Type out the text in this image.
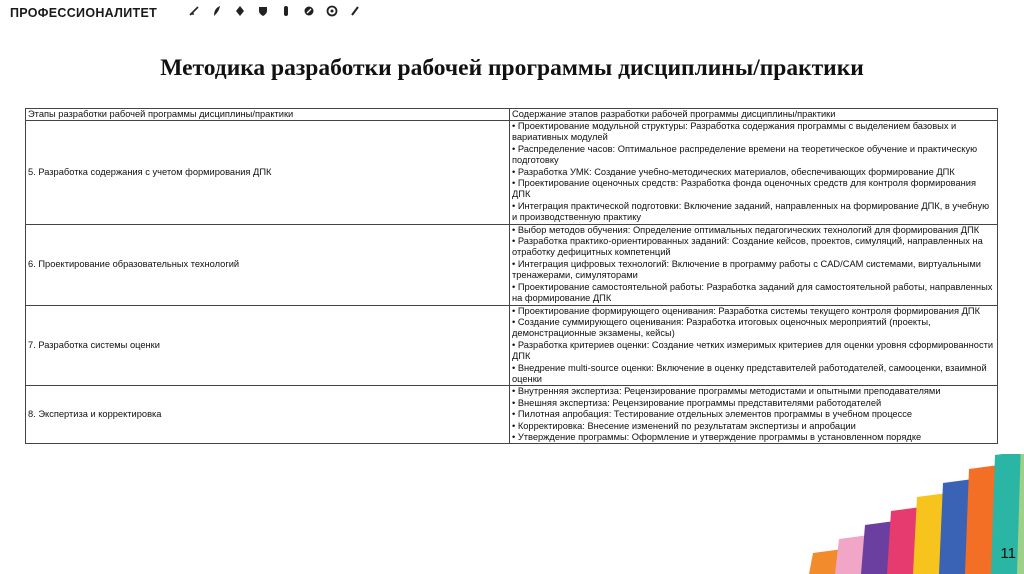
ПРОФЕССИОНАЛИТЕТ
Методика разработки рабочей программы дисциплины/практики
Этапы разработки рабочей программы дисциплины/практики	Содержание этапов разработки рабочей программы дисциплины/практики
5. Разработка содержания с учетом формирования ДПК	• Проектирование модульной структуры: Разработка содержания программы с выделением базовых и вариативных модулей
• Распределение часов: Оптимальное распределение времени на теоретическое обучение и практическую подготовку
• Разработка УМК: Создание учебно-методических материалов, обеспечивающих формирование ДПК
• Проектирование оценочных средств: Разработка фонда оценочных средств для контроля формирования ДПК
• Интеграция практической подготовки: Включение заданий, направленных на формирование ДПК, в учебную и производственную практику

6. Проектирование образовательных технологий	• Выбор методов обучения: Определение оптимальных педагогических технологий для формирования ДПК
• Разработка практико-ориентированных заданий: Создание кейсов, проектов, симуляций, направленных на отработку дефицитных компетенций
• Интеграция цифровых технологий: Включение в программу работы с CAD/CAM системами, виртуальными тренажерами, симуляторами
• Проектирование самостоятельной работы: Разработка заданий для самостоятельной работы, направленных на формирование ДПК

7. Разработка системы оценки	• Проектирование формирующего оценивания: Разработка системы текущего контроля формирования ДПК
• Создание суммирующего оценивания: Разработка итоговых оценочных мероприятий (проекты, демонстрационные экзамены, кейсы)
• Разработка критериев оценки: Создание четких измеримых критериев для оценки уровня сформированности ДПК
• Внедрение multi-source оценки: Включение в оценку представителей работодателей, самооценки, взаимной оценки

8. Экспертиза и корректировка	• Внутренняя экспертиза: Рецензирование программы методистами и опытными преподавателями
• Внешняя экспертиза: Рецензирование программы представителями работодателей
• Пилотная апробация: Тестирование отдельных элементов программы в учебном процессе
• Корректировка: Внесение изменений по результатам экспертизы и апробации
• Утверждение программы: Оформление и утверждение программы в установленном порядке
11
